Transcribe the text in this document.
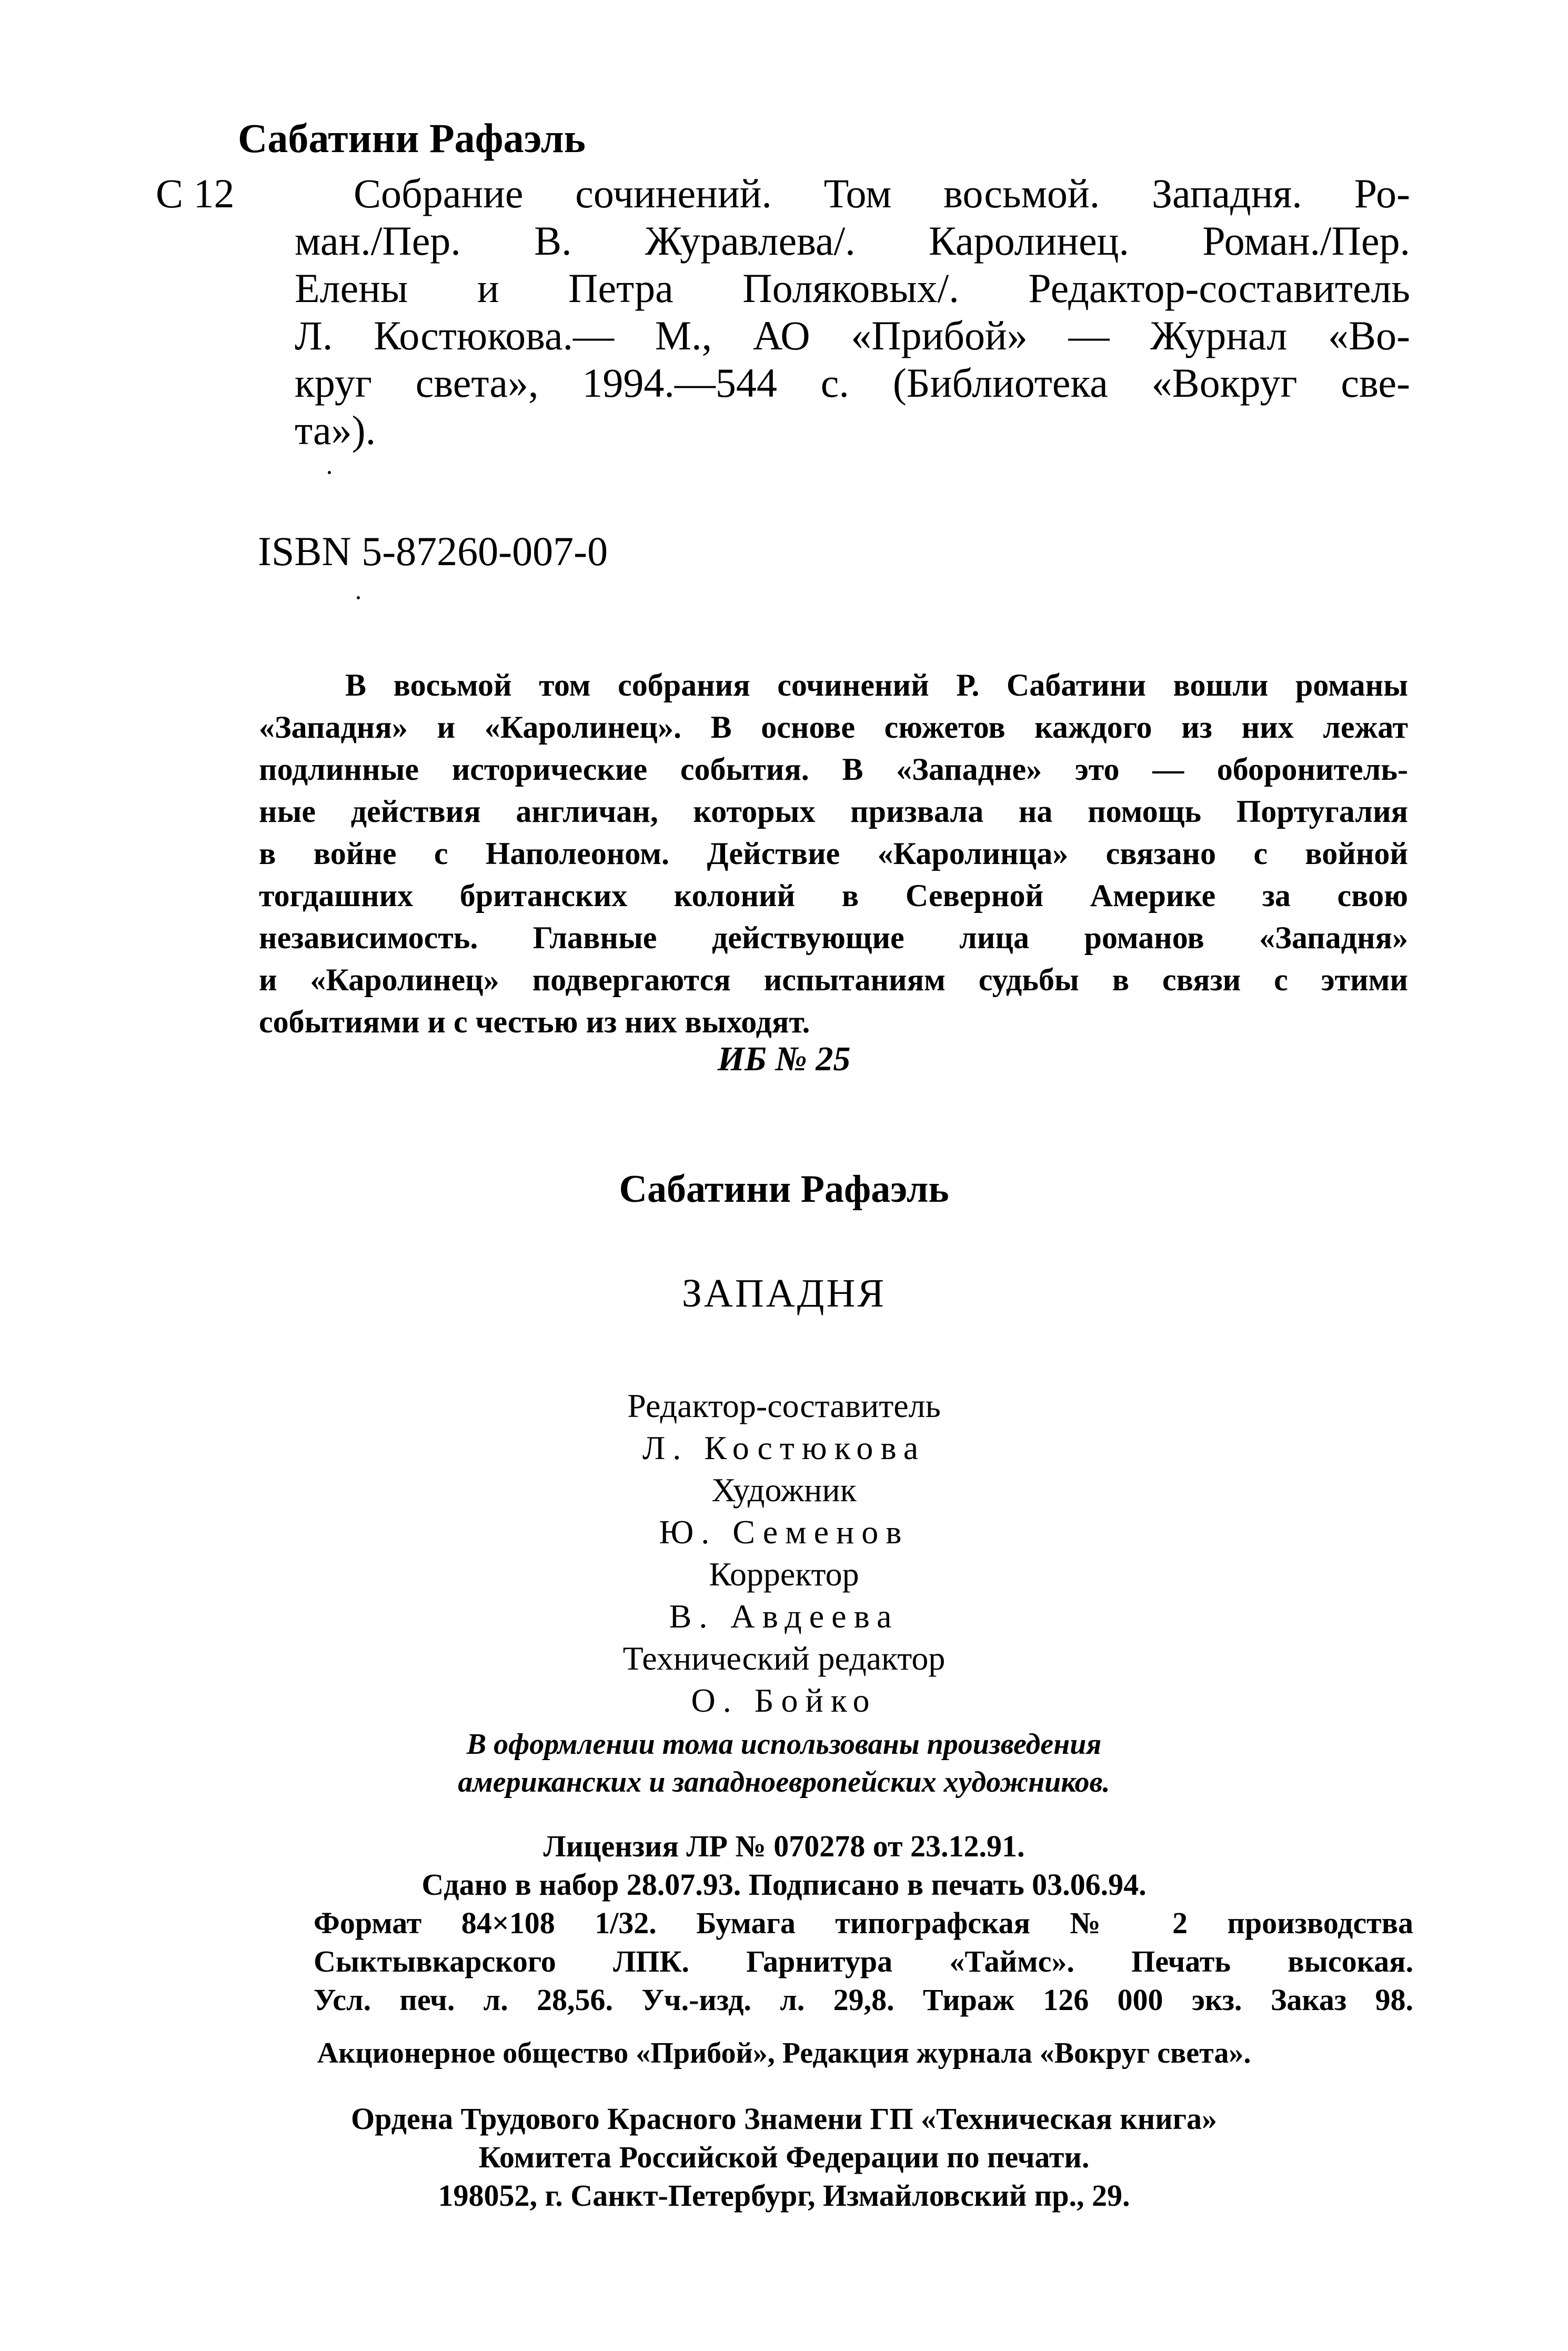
Сабатини Рафаэль
С 12	Собрание сочинений. Том восьмой. Западня. Ро-
ман./Пер. В. Журавлева/. Каролинец. Роман./Пер.
Елены и Петра Поляковых/. Редактор-составитель
Л. Костюкова.— М., АО «Прибой» — Журнал «Во-
круг света», 1994.—544 с. (Библиотека «Вокруг све-
та»).
ISBN 5-87260-007-0
В восьмой том собрания сочинений Р. Сабатини вошли романы
«Западня» и «Каролинец». В основе сюжетов каждого из них лежат
подлинные исторические события. В «Западне» это — оборонитель-
ные действия англичан, которых призвала на помощь Португалия
в войне с Наполеоном. Действие «Каролинца» связано с войной
тогдашних британских колоний в Северной Америке за свою
независимость. Главные действующие лица романов «Западня»
и «Каролинец» подвергаются испытаниям судьбы в связи с этими
событиями и с честью из них выходят.
ИБ № 25
Сабатини Рафаэль
ЗАПАДНЯ
Редактор-составитель
Л. Костюкова
Художник
Ю. Семенов
Корректор
В. Авдеева
Технический редактор
О. Бойко
В оформлении тома использованы произведения
американских и западноевропейских художников.
Лицензия ЛР № 070278 от 23.12.91.
Сдано в набор 28.07.93. Подписано в печать 03.06.94.
Формат 84×108 1/32. Бумага типографская № 2 производства
Сыктывкарского ЛПК. Гарнитура «Таймс». Печать высокая.
Усл. печ. л. 28,56. Уч.-изд. л. 29,8. Тираж 126 000 экз. Заказ 98.
Акционерное общество «Прибой», Редакция журнала «Вокруг света».
Ордена Трудового Красного Знамени ГП «Техническая книга»
Комитета Российской Федерации по печати.
198052, г. Санкт-Петербург, Измайловский пр., 29.
